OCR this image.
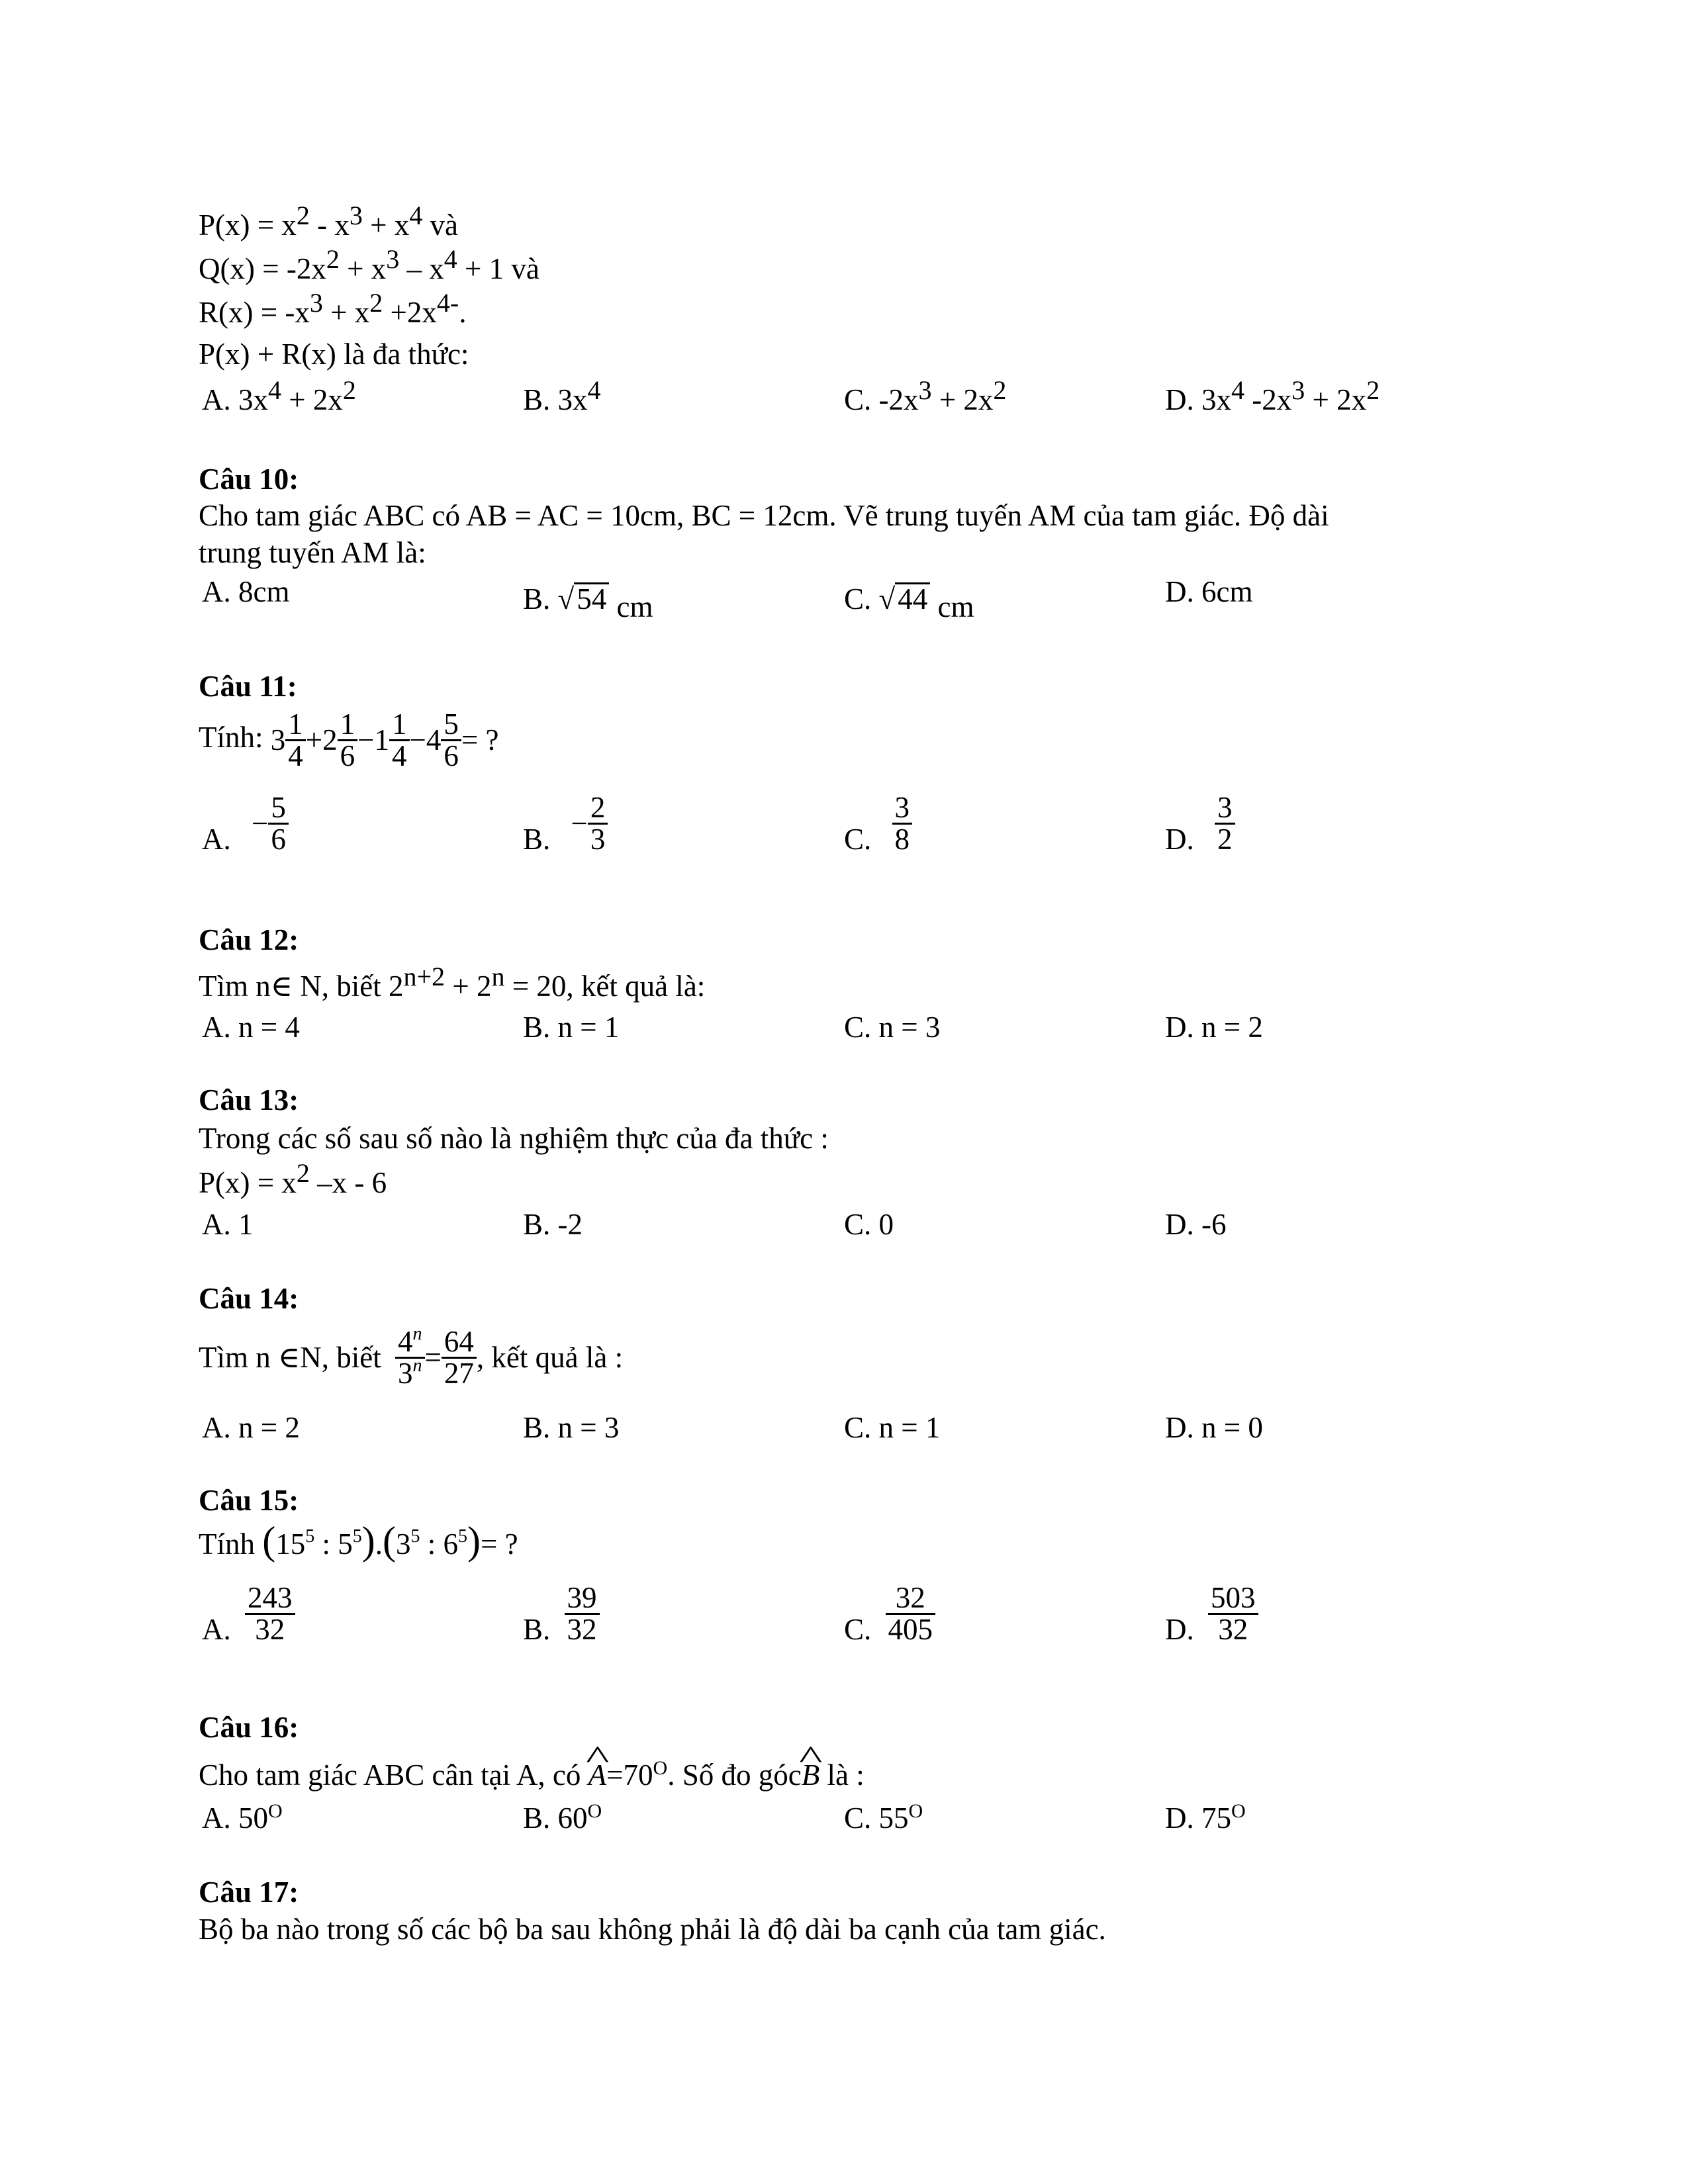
$P(x) = x^2 - x^3 + x^4$ và
$Q(x) = -2x^2 + x^3 - x^4 + 1$ và
$R(x) = -x^3 + x^2 +2x^{4-}$.
P(x) + R(x) là đa thức:
A. $3x^4 + 2x^2$	B. $3x^4$	C. $-2x^3 + 2x^2$	D. $3x^4$ $-2x^3 + 2x^2$
Câu 10:
Cho tam giác ABC có AB = AC = 10cm, BC = 12cm. Vẽ trung tuyến AM của tam giác. Độ dài
trung tuyến AM là:
A. 8cm	B. √54 cm	C. √44 cm	D. 6cm
Câu 11:
Tính: $3 \frac{1}{4} +2 \frac{1}{6} -1 \frac{1}{4} -4 \frac{5}{6}$ = ?
A. − $\frac{5}{6}$	B. − $\frac{2}{3}$	C. $\frac{3}{8}$	D. $\frac{3}{2}$
Câu 12:
Tìm n∈ N, biết $2^{n+2} + 2^n = 20$, kết quả là:
A. n = 4	B. n = 1	C. n = 3	D. n = 2
Câu 13:
Trong các số sau số nào là nghiệm thực của đa thức :
$P(x) = x^2$ –x - 6
A. 1	B. -2	C. 0	D. -6
Câu 14:
Tìm n ∈N, biết $\frac{4^n}{3^n} = \frac{64}{27}$ , kết quả là :
A. n = 2	B. n = 3	C. n = 1	D. n = 0
Câu 15:
Tính ($15^5$ : $5^5).(3^5$ : $6^5)=$ ?
A. $\frac{243}{32}$	B. $\frac{39}{32}$	C. $\frac{32}{405}$	D. $\frac{503}{32}$
Câu 16:
Cho tam giác ABC cân tại A, có ^ $A=70^O$. Số đo góc^ B là :
A. $50^O$	B. $60^O$	C. $55^O$	D. $75^O$
Câu 17:
Bộ ba nào trong số các bộ ba sau không phải là độ dài ba cạnh của tam giác.
